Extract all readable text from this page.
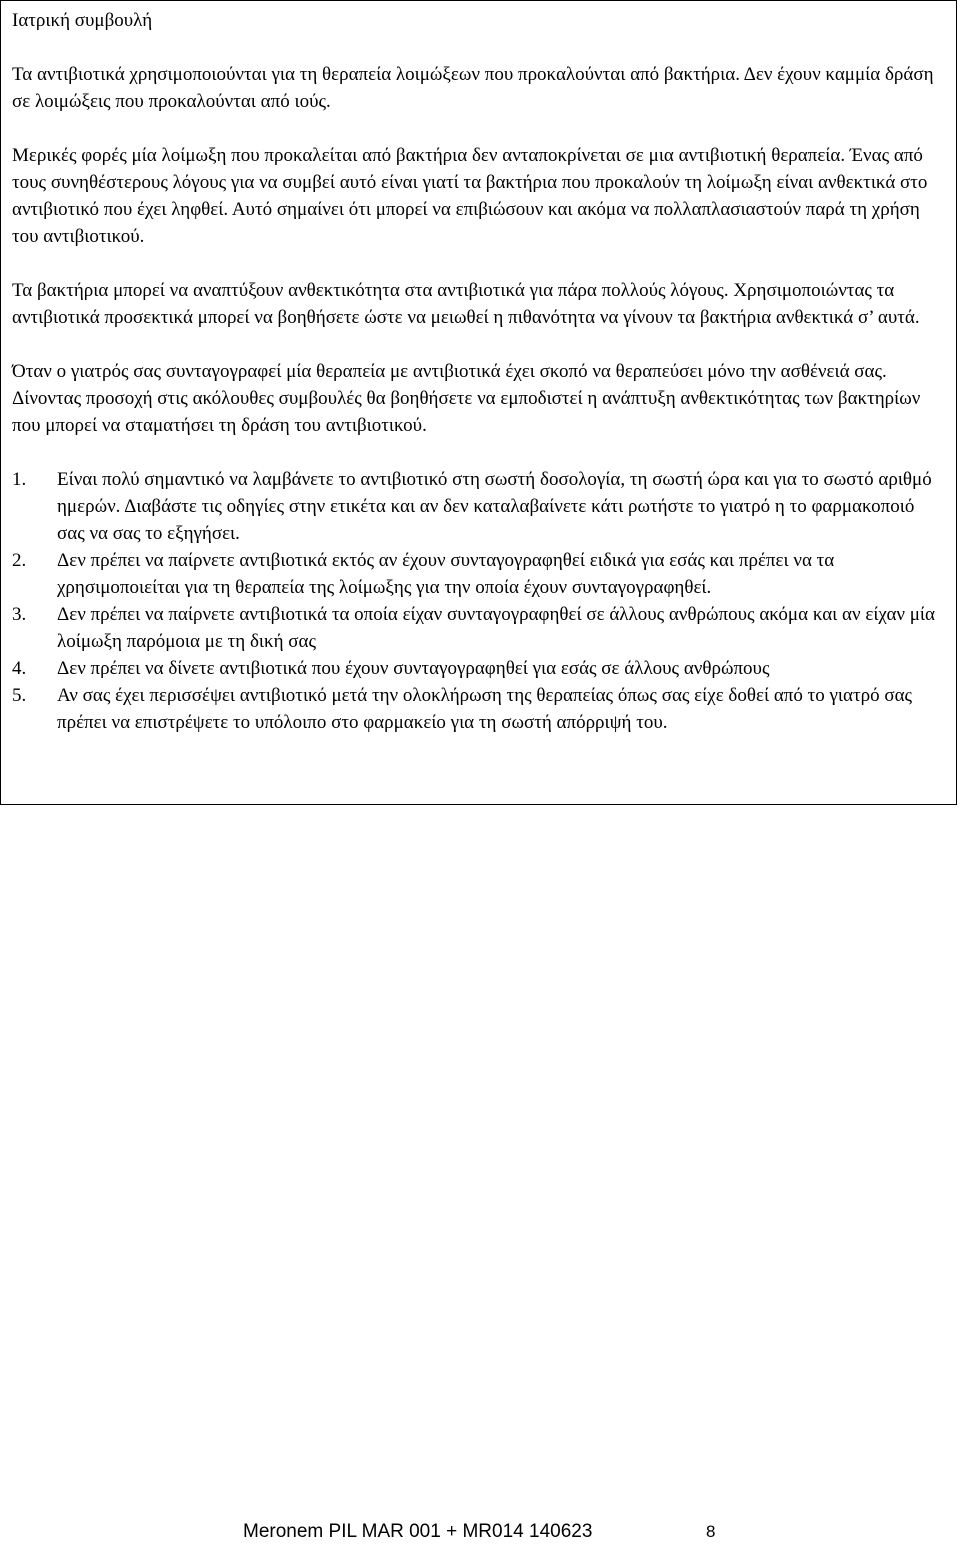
Ιατρική συμβουλή

Τα αντιβιοτικά χρησιμοποιούνται για τη θεραπεία λοιμώξεων που προκαλούνται από βακτήρια. Δεν έχουν καμμία δράση σε λοιμώξεις που προκαλούνται από ιούς.

Μερικές φορές μία λοίμωξη που προκαλείται από βακτήρια δεν ανταποκρίνεται σε μια αντιβιοτική θεραπεία. Ένας από τους συνηθέστερους λόγους για να συμβεί αυτό είναι γιατί τα βακτήρια που προκαλούν τη λοίμωξη είναι ανθεκτικά στο αντιβιοτικό που έχει ληφθεί. Αυτό σημαίνει ότι μπορεί να επιβιώσουν και ακόμα να πολλαπλασιαστούν παρά τη χρήση του αντιβιοτικού.

Τα βακτήρια μπορεί να αναπτύξουν ανθεκτικότητα στα αντιβιοτικά για πάρα πολλούς λόγους. Χρησιμοποιώντας τα αντιβιοτικά προσεκτικά μπορεί να βοηθήσετε ώστε να μειωθεί η πιθανότητα να γίνουν τα βακτήρια ανθεκτικά σ’ αυτά.

Όταν ο γιατρός σας συνταγογραφεί μία θεραπεία με αντιβιοτικά έχει σκοπό να θεραπεύσει μόνο την ασθένειά σας. Δίνοντας προσοχή στις ακόλουθες συμβουλές θα βοηθήσετε να εμποδιστεί η ανάπτυξη ανθεκτικότητας των βακτηρίων που μπορεί να σταματήσει τη δράση του αντιβιοτικού.

1.	Είναι πολύ σημαντικό να λαμβάνετε το αντιβιοτικό στη σωστή δοσολογία, τη σωστή ώρα και για το σωστό αριθμό ημερών. Διαβάστε τις οδηγίες στην ετικέτα και αν δεν καταλαβαίνετε κάτι ρωτήστε το γιατρό η το φαρμακοποιό σας να σας το εξηγήσει.
2.	Δεν πρέπει να παίρνετε αντιβιοτικά εκτός αν έχουν συνταγογραφηθεί ειδικά για εσάς και πρέπει να τα χρησιμοποιείται για τη θεραπεία της λοίμωξης για την οποία έχουν συνταγογραφηθεί.
3.	Δεν πρέπει να παίρνετε αντιβιοτικά τα οποία είχαν συνταγογραφηθεί σε άλλους ανθρώπους ακόμα και αν είχαν μία λοίμωξη παρόμοια με τη δική σας
4.	Δεν πρέπει να δίνετε αντιβιοτικά που έχουν συνταγογραφηθεί για εσάς σε άλλους ανθρώπους
5.	Αν σας έχει περισσέψει αντιβιοτικό μετά την ολοκλήρωση της θεραπείας όπως σας είχε δοθεί από το γιατρό σας πρέπει να επιστρέψετε το υπόλοιπο στο φαρμακείο για τη σωστή απόρριψή του.
Meronem PIL MAR 001 + MR014 140623	8
